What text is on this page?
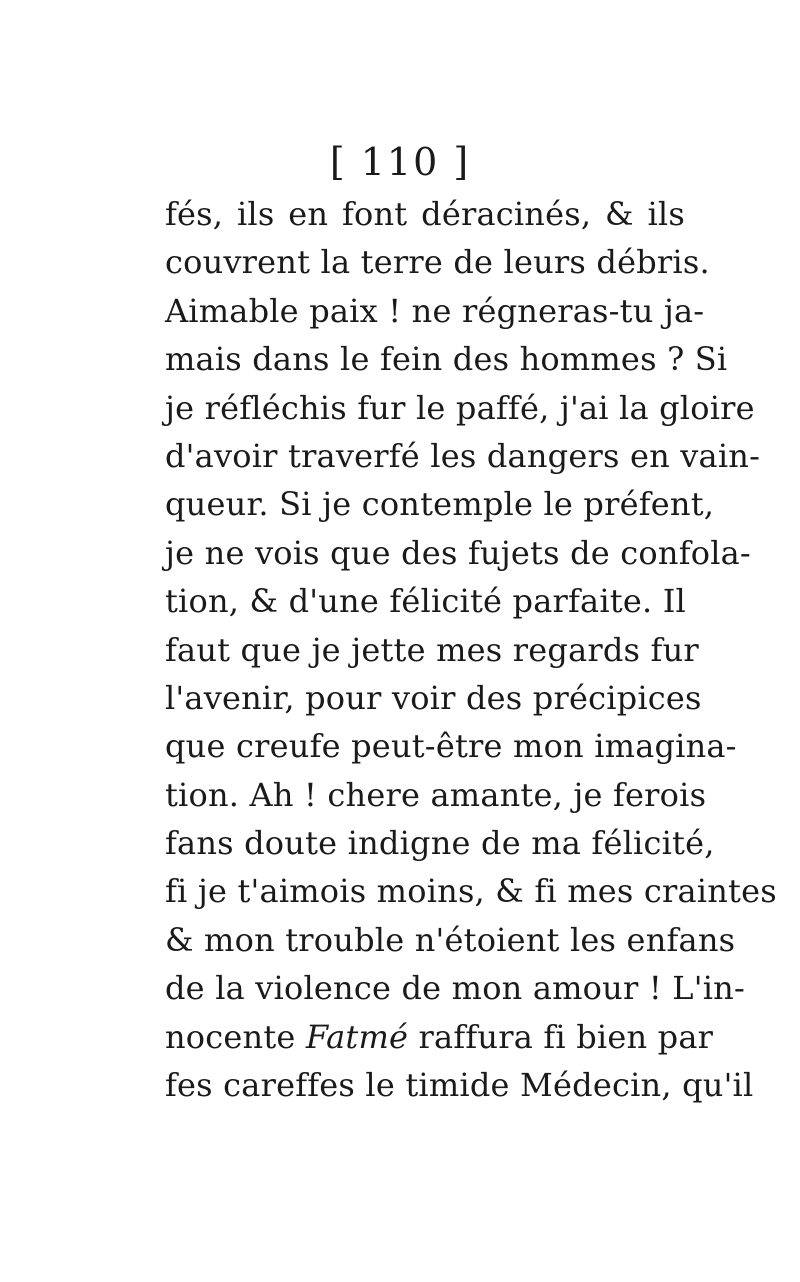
[ 110 ]
fés, ils en font déracinés, & ils
couvrent la terre de leurs débris.
Aimable paix ! ne régneras-tu ja-
mais dans le fein des hommes ? Si
je réfléchis fur le paffé, j'ai la gloire
d'avoir traverfé les dangers en vain-
queur. Si je contemple le préfent,
je ne vois que des fujets de confola-
tion, & d'une félicité parfaite. Il
faut que je jette mes regards fur
l'avenir, pour voir des précipices
que creufe peut-être mon imagina-
tion. Ah ! chere amante, je ferois
fans doute indigne de ma félicité,
fi je t'aimois moins, & fi mes craintes
& mon trouble n'étoient les enfans
de la violence de mon amour ! L'in-
nocente Fatmé raffura fi bien par
fes careffes le timide Médecin, qu'il
